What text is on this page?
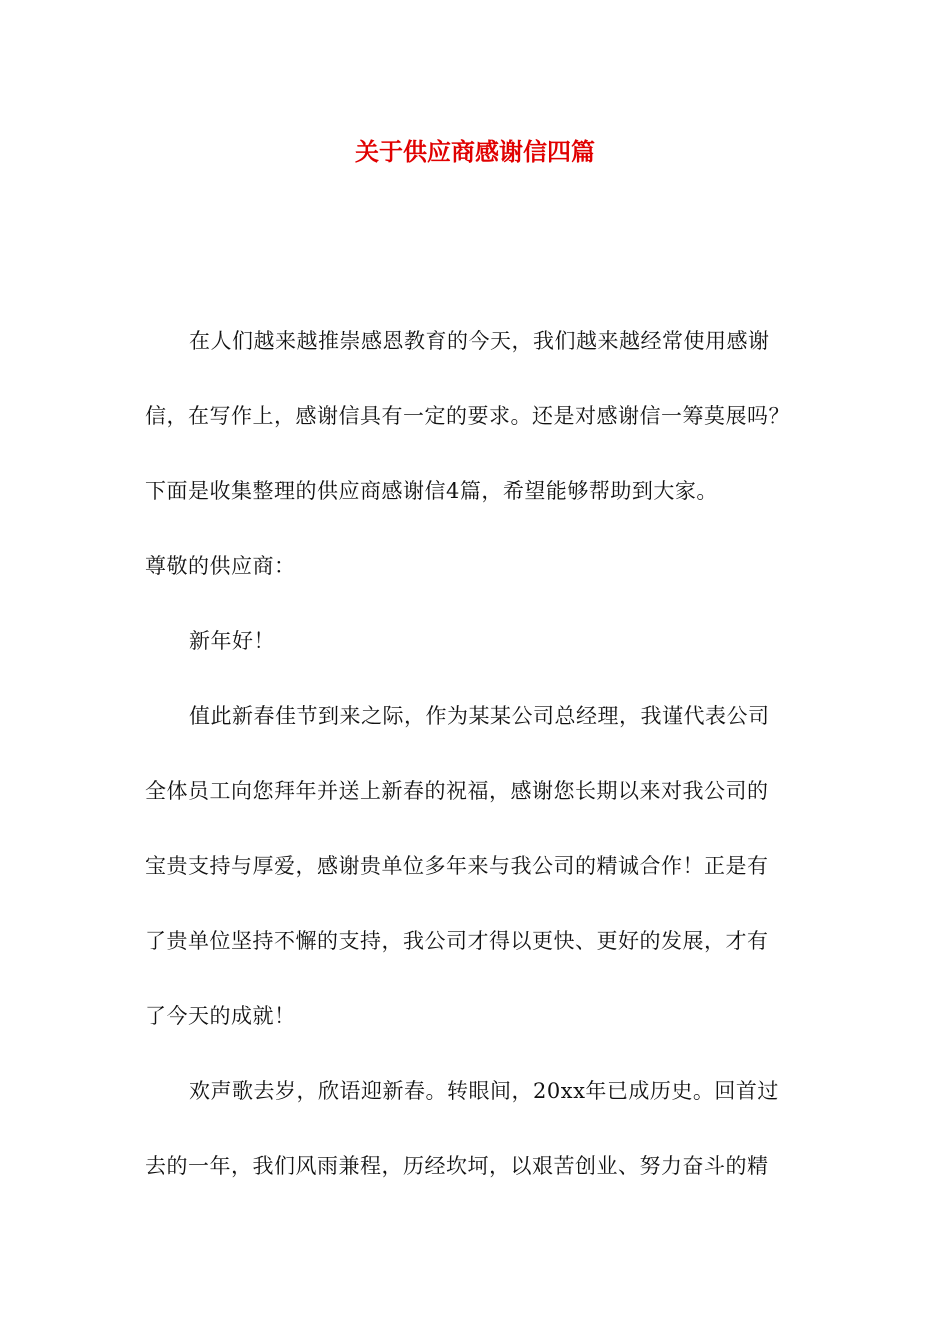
关于供应商感谢信四篇
在人们越来越推崇感恩教育的今天，我们越来越经常使用感谢
信，在写作上，感谢信具有一定的要求。还是对感谢信一筹莫展吗？
下面是收集整理的供应商感谢信4篇，希望能够帮助到大家。
尊敬的供应商：
新年好！
值此新春佳节到来之际，作为某某公司总经理，我谨代表公司
全体员工向您拜年并送上新春的祝福，感谢您长期以来对我公司的
宝贵支持与厚爱，感谢贵单位多年来与我公司的精诚合作！正是有
了贵单位坚持不懈的支持，我公司才得以更快、更好的发展，才有
了今天的成就！
欢声歌去岁，欣语迎新春。转眼间，20xx年已成历史。回首过
去的一年，我们风雨兼程，历经坎坷，以艰苦创业、努力奋斗的精
